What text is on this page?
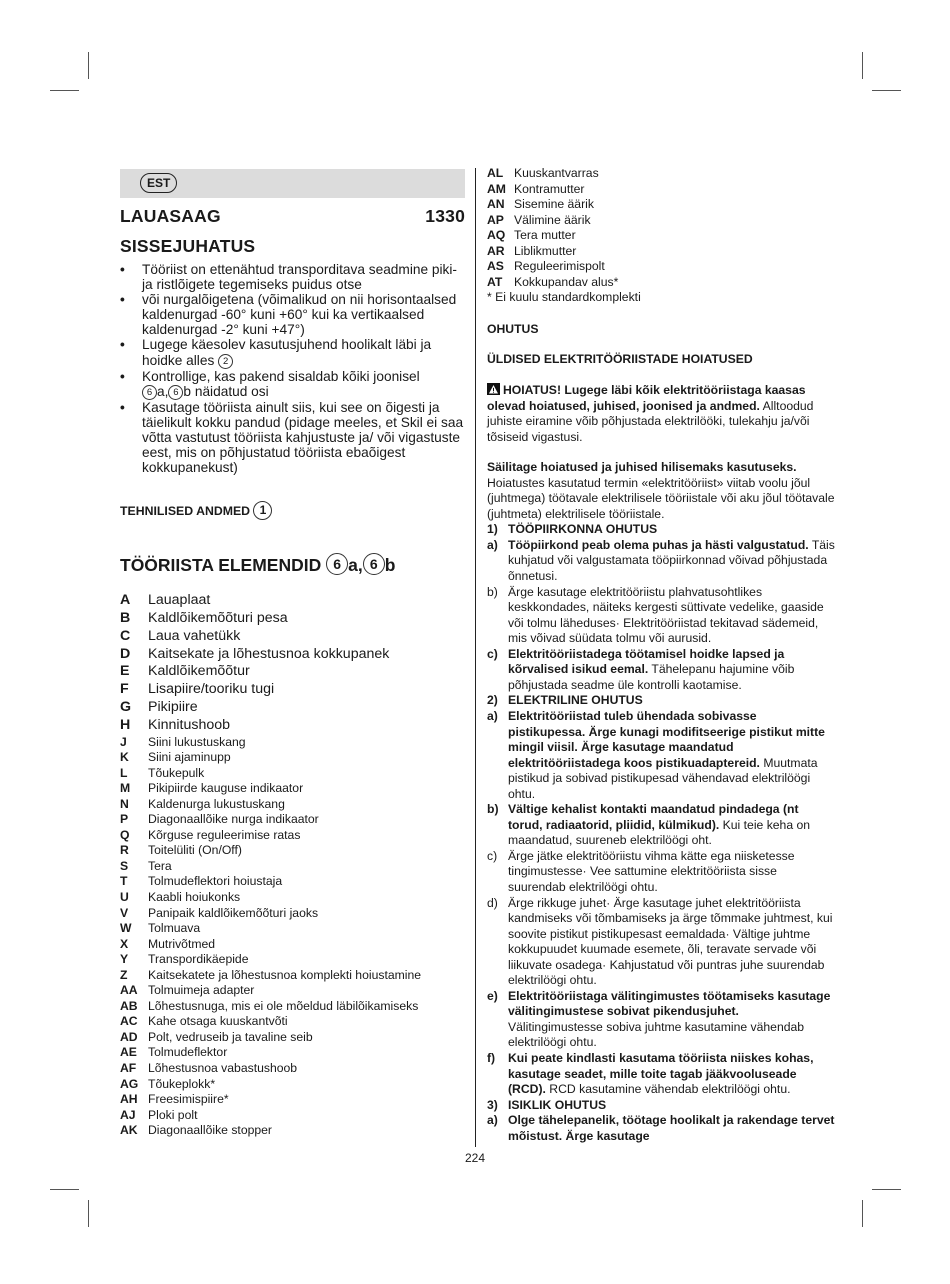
EST
LAUASAAG	1330
SISSEJUHATUS
• Tööriist on ettenähtud transporditava seadmine piki- ja ristlõigete tegemiseks puidus otse
• või nurgalõigetena (võimalikud on nii horisontaalsed kaldenurgad -60° kuni +60° kui ka vertikaalsed kaldenurgad -2° kuni +47°)
• Lugege käesolev kasutusjuhend hoolikalt läbi ja hoidke alles 2
• Kontrollige, kas pakend sisaldab kõiki joonisel
6 a, 6 b näidatud osi
• Kasutage tööriista ainult siis, kui see on õigesti ja täielikult kokku pandud (pidage meeles, et Skil ei saa võtta vastutust tööriista kahjustuste ja/ või vigastuste eest, mis on põhjustatud tööriista ebaõigest kokkupanekust)
TEHNILISED ANDMED 1
TÖÖRIISTA ELEMENDID 6 a, 6 b
A	Lauaplaat
B	Kaldlõikemõõturi pesa
C	Laua vahetükk
D	Kaitsekate ja lõhestusnoa kokkupanek
E	Kaldlõikemõõtur
F	Lisapiire/tooriku tugi
G	Pikipiire
H	Kinnitushoob
J	Siini lukustuskang
K	Siini ajaminupp
L	Tõukepulk
M	Pikipiirde kauguse indikaator
N	Kaldenurga lukustuskang
P	Diagonaallõike nurga indikaator
Q	Kõrguse reguleerimise ratas
R	Toitelüliti (On/Off)
S	Tera
T	Tolmudeflektori hoiustaja
U	Kaabli hoiukonks
V	Panipaik kaldlõikemõõturi jaoks
W	Tolmuava
X	Mutrivõtmed
Y	Transpordikäepide
Z	Kaitsekatete ja lõhestusnoa komplekti hoiustamine
AA Tolmuimeja adapter
AB Lõhestusnuga, mis ei ole mõeldud läbilõikamiseks
AC Kahe otsaga kuuskantvõti
AD Polt, vedruseib ja tavaline seib
AE Tolmudeflektor
AF Lõhestusnoa vabastushoob
AG Tõukeplokk*
AH Freesimispiire*
AJ	Ploki polt
AK Diagonaallõike stopper
AL Kuuskantvarras
AM Kontramutter
AN Sisemine äärik
AP Välimine äärik
AQ Tera mutter
AR Liblikmutter
AS Reguleerimispolt
AT Kokkupandav alus*
* Ei kuulu standardkomplekti
OHUTUS
ÜLDISED ELEKTRITÖÖRIISTADE HOIATUSED
HOIATUS! Lugege läbi kõik elektritööriistaga kaasas olevad hoiatused, juhised, joonised ja andmed. Alltoodud juhiste eiramine võib põhjustada elektrilööki, tulekahju ja/või tõsiseid vigastusi.
Säilitage hoiatused ja juhised hilisemaks kasutuseks. Hoiatustes kasutatud termin «elektritööriist» viitab voolu jõul (juhtmega) töötavale elektrilisele tööriistale või aku jõul töötavale (juhtmeta) elektrilisele tööriistale.
1) TÖÖPIIRKONNA OHUTUS
a) Tööpiirkond peab olema puhas ja hästi valgustatud. Täis kuhjatud või valgustamata tööpiirkonnad võivad põhjustada õnnetusi.
b) Ärge kasutage elektritööriistu plahvatusohtlikes keskkondades, näiteks kergesti süttivate vedelike, gaaside või tolmu läheduses· Elektritööriistad tekitavad sädemeid, mis võivad süüdata tolmu või aurusid.
c) Elektritööriistadega töötamisel hoidke lapsed ja kõrvalised isikud eemal. Tähelepanu hajumine võib põhjustada seadme üle kontrolli kaotamise.
2) ELEKTRILINE OHUTUS
a) Elektritööriistad tuleb ühendada sobivasse pistikupessa. Ärge kunagi modifitseerige pistikut mitte mingil viisil. Ärge kasutage maandatud elektritööriistadega koos pistikuadaptereid. Muutmata pistikud ja sobivad pistikupesad vähendavad elektrilöögi ohtu.
b) Vältige kehalist kontakti maandatud pindadega (nt torud, radiaatorid, pliidid, külmikud). Kui teie keha on maandatud, suureneb elektrilöögi oht.
c) Ärge jätke elektritööriistu vihma kätte ega niisketesse tingimustesse· Vee sattumine elektritööriista sisse suurendab elektrilöögi ohtu.
d) Ärge rikkuge juhet· Ärge kasutage juhet elektritööriista kandmiseks või tõmbamiseks ja ärge tõmmake juhtmest, kui soovite pistikut pistikupesast eemaldada· Vältige juhtme kokkupuudet kuumade esemete, õli, teravate servade või liikuvate osadega· Kahjustatud või puntras juhe suurendab elektrilöögi ohtu.
e) Elektritööriistaga välitingimustes töötamiseks kasutage välitingimustese sobivat pikendusjuhet. Välitingimustesse sobiva juhtme kasutamine vähendab elektrilöögi ohtu.
f)	Kui peate kindlasti kasutama tööriista niiskes kohas, kasutage seadet, mille toite tagab jääkvooluseade (RCD). RCD kasutamine vähendab elektrilöögi ohtu.
3) ISIKLIK OHUTUS
a) Olge tähelepanelik, töötage hoolikalt ja rakendage tervet mõistust. Ärge kasutage
224
